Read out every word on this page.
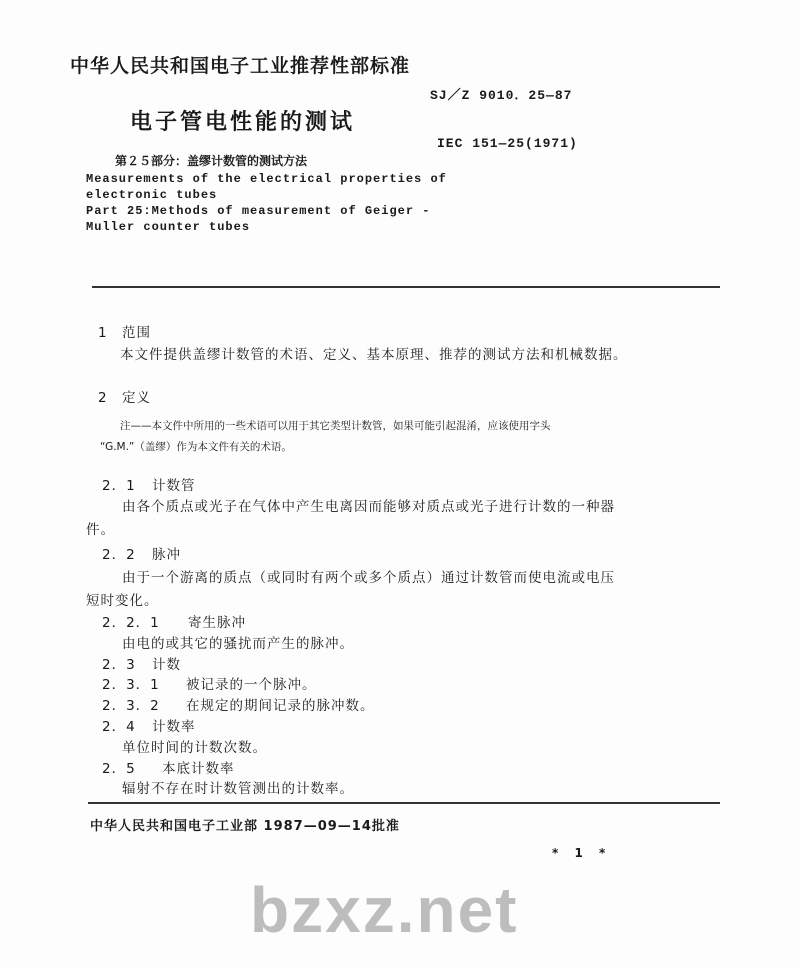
中华人民共和国电子工业推荐性部标准
SJ／Z 9010．25—87
电子管电性能的测试
IEC 151—25(1971)
第２５部分：盖缪计数管的测试方法
Measurements of the electrical properties of
electronic tubes
Part 25:Methods of measurement of Geiger -
Muller counter tubes
1 范围
本文件提供盖缪计数管的术语、定义、基本原理、推荐的测试方法和机械数据。
2 定义
注——本文件中所用的一些术语可以用于其它类型计数管，如果可能引起混淆，应该使用字头
“G.M.”（盖缪）作为本文件有关的术语。
2．1 计数管
由各个质点或光子在气体中产生电离因而能够对质点或光子进行计数的一种器
件。
2．2 脉冲
由于一个游离的质点（或同时有两个或多个质点）通过计数管而使电流或电压
短时变化。
2．2．1 寄生脉冲
由电的或其它的骚扰而产生的脉冲。
2．3 计数
2．3．1 被记录的一个脉冲。
2．3．2 在规定的期间记录的脉冲数。
2．4 计数率
单位时间的计数次数。
2．5 本底计数率
辐射不存在时计数管测出的计数率。
中华人民共和国电子工业部 1987—09—14批准
* 1 *
bzxz.net
